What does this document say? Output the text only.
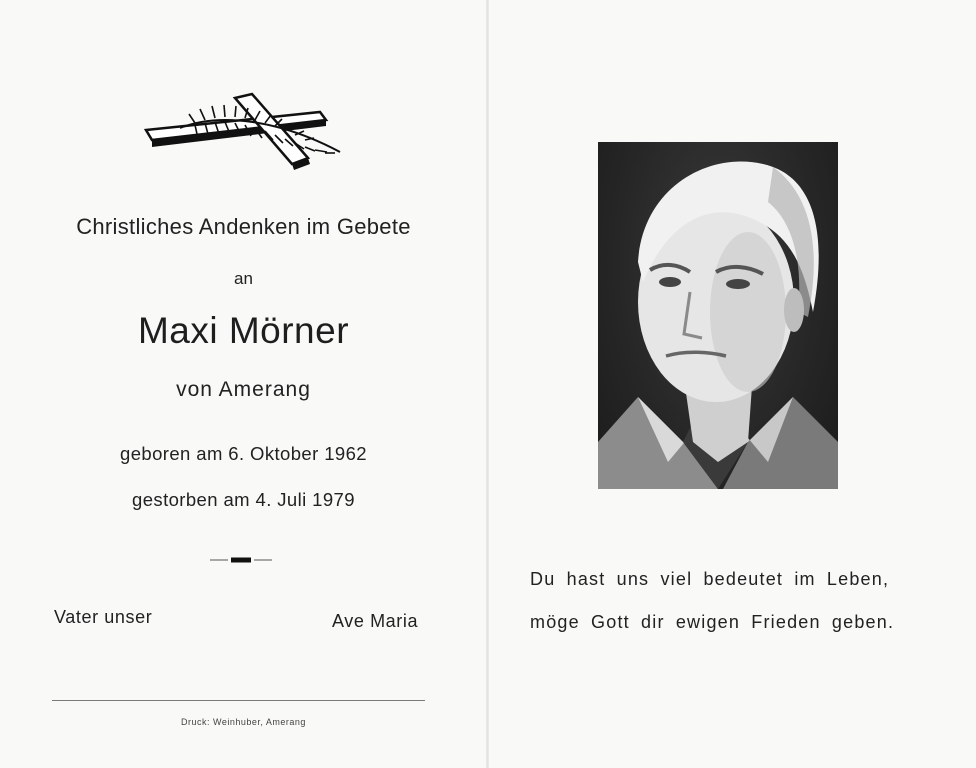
Christliches Andenken im Gebete

an

Maxi Mörner

von Amerang

geboren am 6. Oktober 1962

gestorben am 4. Juli 1979

Vater unser	Ave Maria

Druck: Weinhuber, Amerang

Du hast uns viel bedeutet im Leben,

möge Gott dir ewigen Frieden geben.
